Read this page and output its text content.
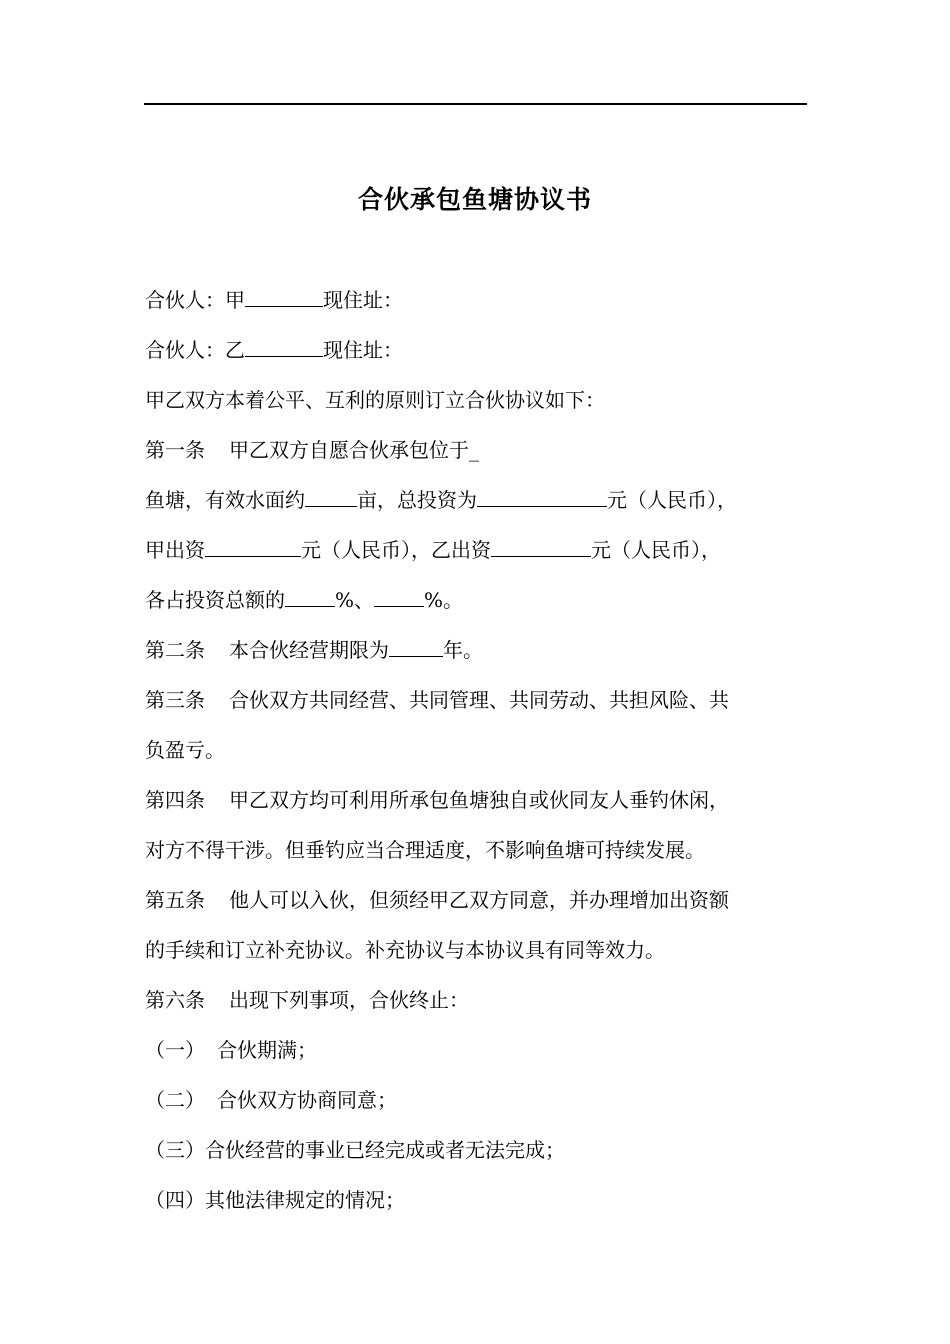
合伙承包鱼塘协议书
合伙人：甲	现住址：
合伙人：乙	现住址：
甲乙双方本着公平、互利的原则订立合伙协议如下：
第一条 甲乙双方自愿合伙承包位于_
鱼塘，有效水面约	亩，总投资为	元（人民币），
甲出资	元（人民币），乙出资	元（人民币），
各占投资总额的	%、	%。
第二条 本合伙经营期限为	年。
第三条 合伙双方共同经营、共同管理、共同劳动、共担风险、共
负盈亏。
第四条 甲乙双方均可利用所承包鱼塘独自或伙同友人垂钓休闲，
对方不得干涉。但垂钓应当合理适度，不影响鱼塘可持续发展。
第五条 他人可以入伙，但须经甲乙双方同意，并办理增加出资额
的手续和订立补充协议。补充协议与本协议具有同等效力。
第六条 出现下列事项，合伙终止：
（一） 合伙期满；
（二） 合伙双方协商同意；
（三）合伙经营的事业已经完成或者无法完成；
（四）其他法律规定的情况；
